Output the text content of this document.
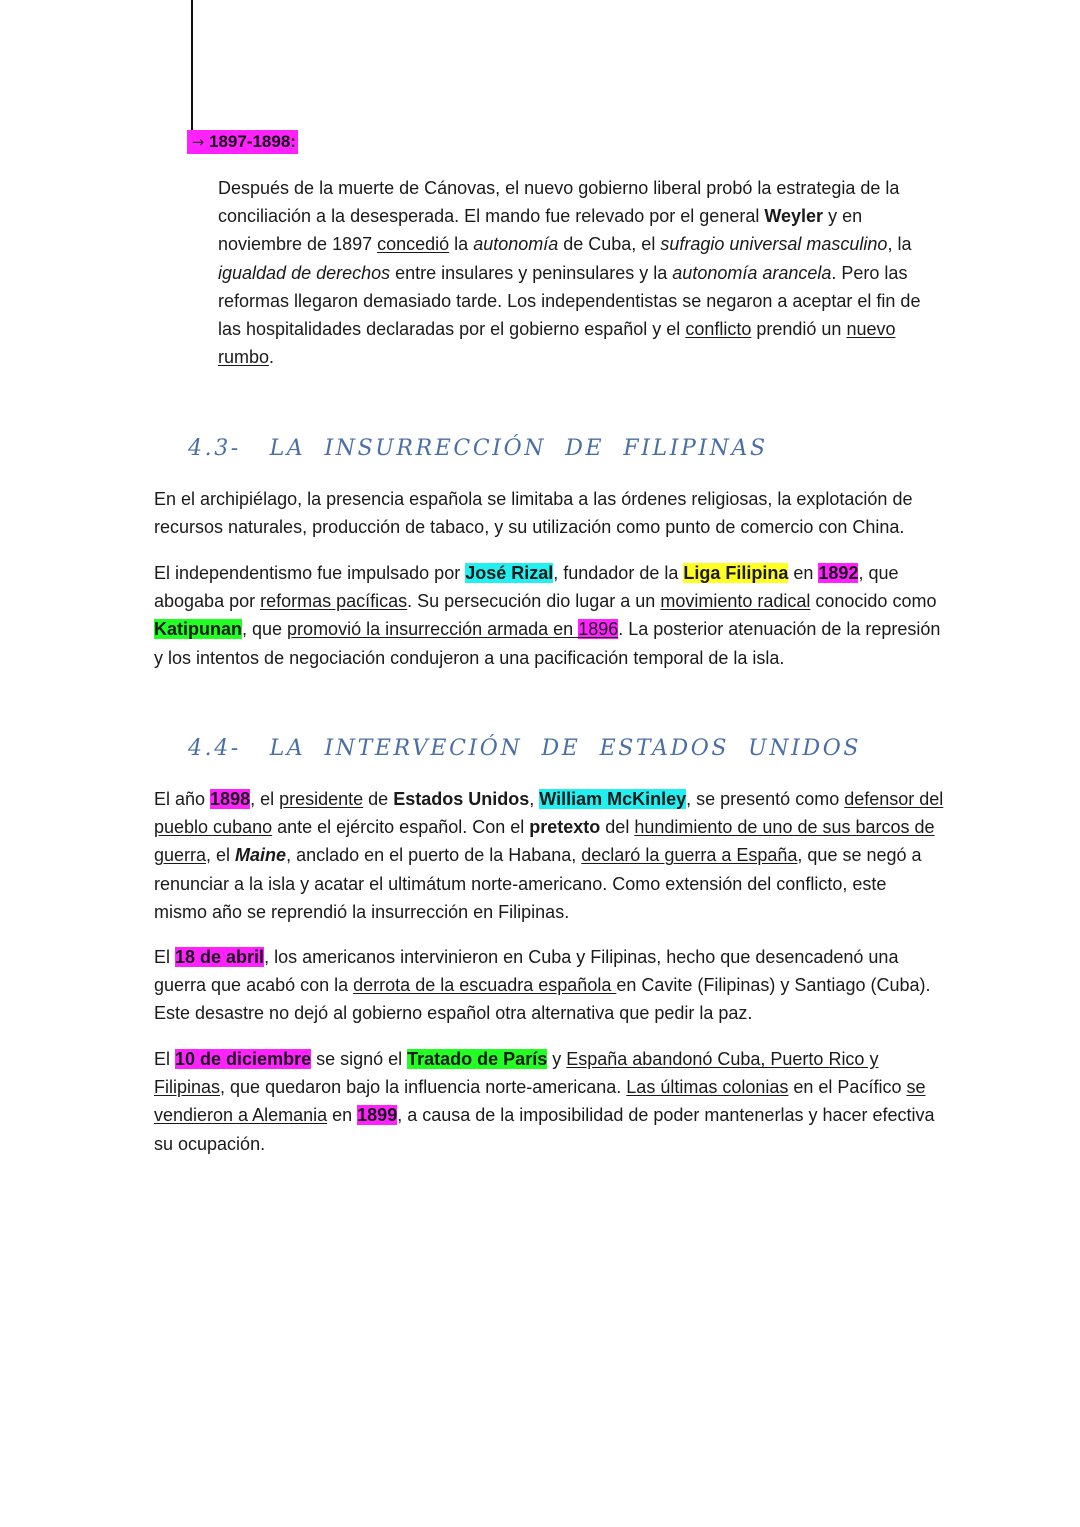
→ 1897-1898:

Después de la muerte de Cánovas, el nuevo gobierno liberal probó la estrategia de la conciliación a la desesperada. El mando fue relevado por el general Weyler y en noviembre de 1897 concedió la autonomía de Cuba, el sufragio universal masculino, la igualdad de derechos entre insulares y peninsulares y la autonomía arancela. Pero las reformas llegaron demasiado tarde. Los independentistas se negaron a aceptar el fin de las hospitalidades declaradas por el gobierno español y el conflicto prendió un nuevo rumbo.

4.3-   LA  INSURRECCIÓN  DE  FILIPINAS

En el archipiélago, la presencia española se limitaba a las órdenes religiosas, la explotación de recursos naturales, producción de tabaco, y su utilización como punto de comercio con China.

El independentismo fue impulsado por José Rizal, fundador de la Liga Filipina en 1892, que abogaba por reformas pacíficas. Su persecución dio lugar a un movimiento radical conocido como Katipunan, que promovió la insurrección armada en 1896. La posterior atenuación de la represión y los intentos de negociación condujeron a una pacificación temporal de la isla.

4.4-   LA  INTERVECIÓN  DE  ESTADOS  UNIDOS

El año 1898, el presidente de Estados Unidos, William McKinley, se presentó como defensor del pueblo cubano ante el ejército español. Con el pretexto del hundimiento de uno de sus barcos de guerra, el Maine, anclado en el puerto de la Habana, declaró la guerra a España, que se negó a renunciar a la isla y acatar el ultimátum norte-americano. Como extensión del conflicto, este mismo año se reprendió la insurrección en Filipinas.

El 18 de abril, los americanos intervinieron en Cuba y Filipinas, hecho que desencadenó una guerra que acabó con la derrota de la escuadra española en Cavite (Filipinas) y Santiago (Cuba). Este desastre no dejó al gobierno español otra alternativa que pedir la paz.

El 10 de diciembre se signó el Tratado de París y España abandonó Cuba, Puerto Rico y Filipinas, que quedaron bajo la influencia norte-americana. Las últimas colonias en el Pacífico se vendieron a Alemania en 1899, a causa de la imposibilidad de poder mantenerlas y hacer efectiva su ocupación.
